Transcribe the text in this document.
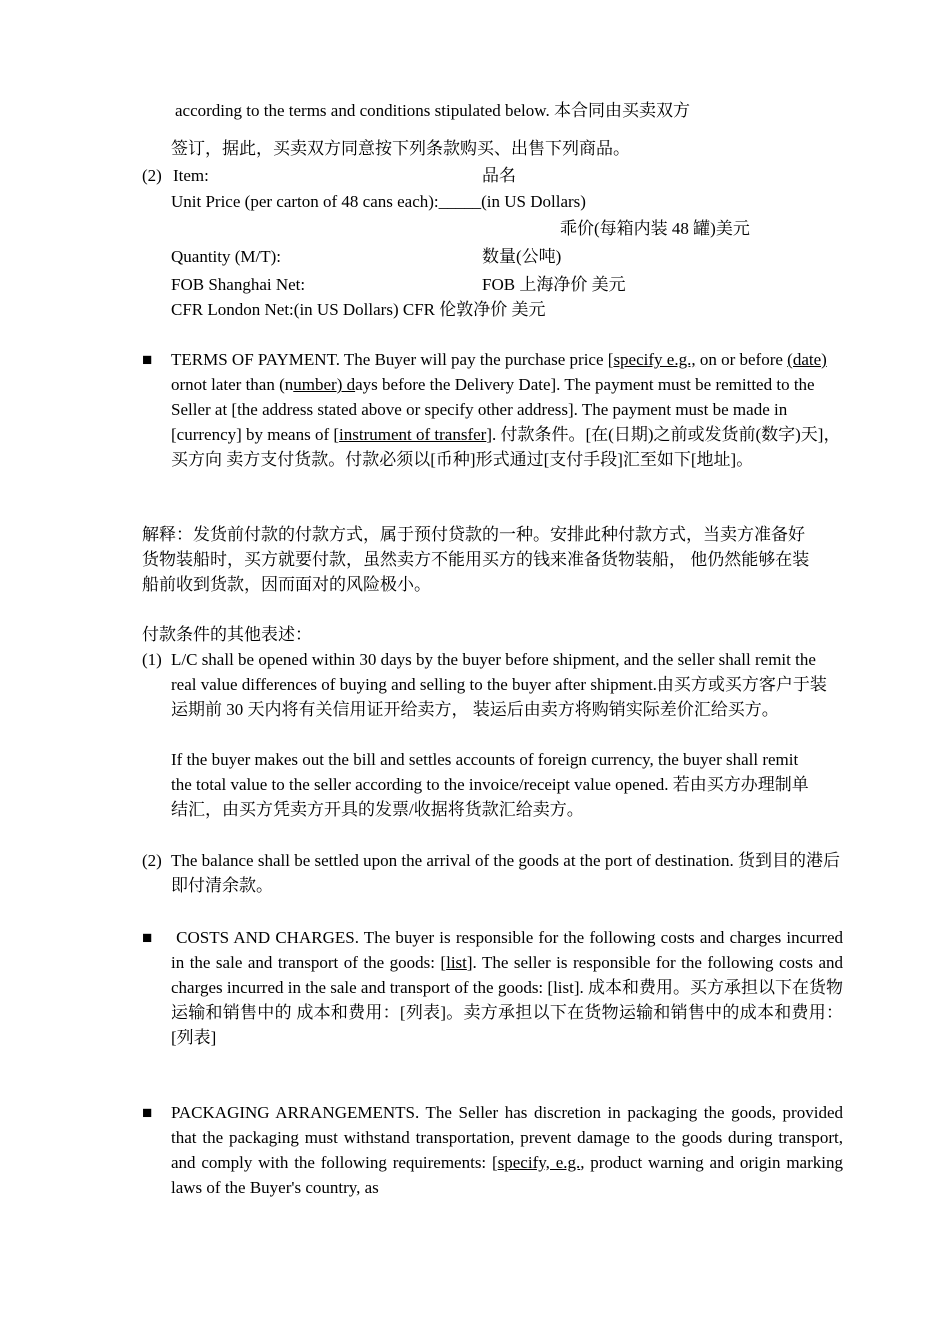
according to the terms and conditions stipulated below. 本合同由买卖双方
签订，据此，买卖双方同意按下列条款购买、出售下列商品。
(2) Item:	品名
Unit Price (per carton of 48 cans each):_____(in US Dollars)
乖价(每箱内装 48 罐)美元
Quantity (M/T):	数量(公吨)
FOB Shanghai Net:	FOB 上海净价 美元
CFR London Net:(in US Dollars) CFR 伦敦净价 美元
■ TERMS OF PAYMENT. The Buyer will pay the purchase price [specify e.g., on or before (date) ornot later than (number) days before the Delivery Date]. The payment must be remitted to the Seller at [the address stated above or specify other address]. The payment must be made in [currency] by means of [instrument of transfer]. 付款条件。[在(日期)之前或发货前(数字)天]，买方向 卖方支付货款。付款必须以[币种]形式通过[支付手段]汇至如下[地址]。
解释：发货前付款的付款方式，属于预付贷款的一种。安排此种付款方式，当卖方准备好货物装船时，买方就要付款，虽然卖方不能用买方的钱来准备货物装船， 他仍然能够在装船前收到货款，因而面对的风险极小。
付款条件的其他表述：
(1) L/C shall be opened within 30 days by the buyer before shipment, and the seller shall remit the real value differences of buying and selling to the buyer after shipment.由买方或买方客户于装运期前 30 天内将有关信用证开给卖方， 装运后由卖方将购销实际差价汇给买方。
If the buyer makes out the bill and settles accounts of foreign currency, the buyer shall remit the total value to the seller according to the invoice/receipt value opened. 若由买方办理制单结汇，由买方凭卖方开具的发票/收据将货款汇给卖方。
(2) The balance shall be settled upon the arrival of the goods at the port of destination. 货到目的港后即付清余款。
■ COSTS AND CHARGES. The buyer is responsible for the following costs and charges incurred in the sale and transport of the goods: [list]. The seller is responsible for the following costs and charges incurred in the sale and transport of the goods: [list]. 成本和费用。买方承担以下在货物运输和销售中的 成本和费用：[列表]。卖方承担以下在货物运输和销售中的成本和费用：[列表]
■ PACKAGING ARRANGEMENTS. The Seller has discretion in packaging the goods, provided that the packaging must withstand transportation, prevent damage to the goods during transport, and comply with the following requirements: [specify, e.g., product warning and origin marking laws of the Buyer's country, as
